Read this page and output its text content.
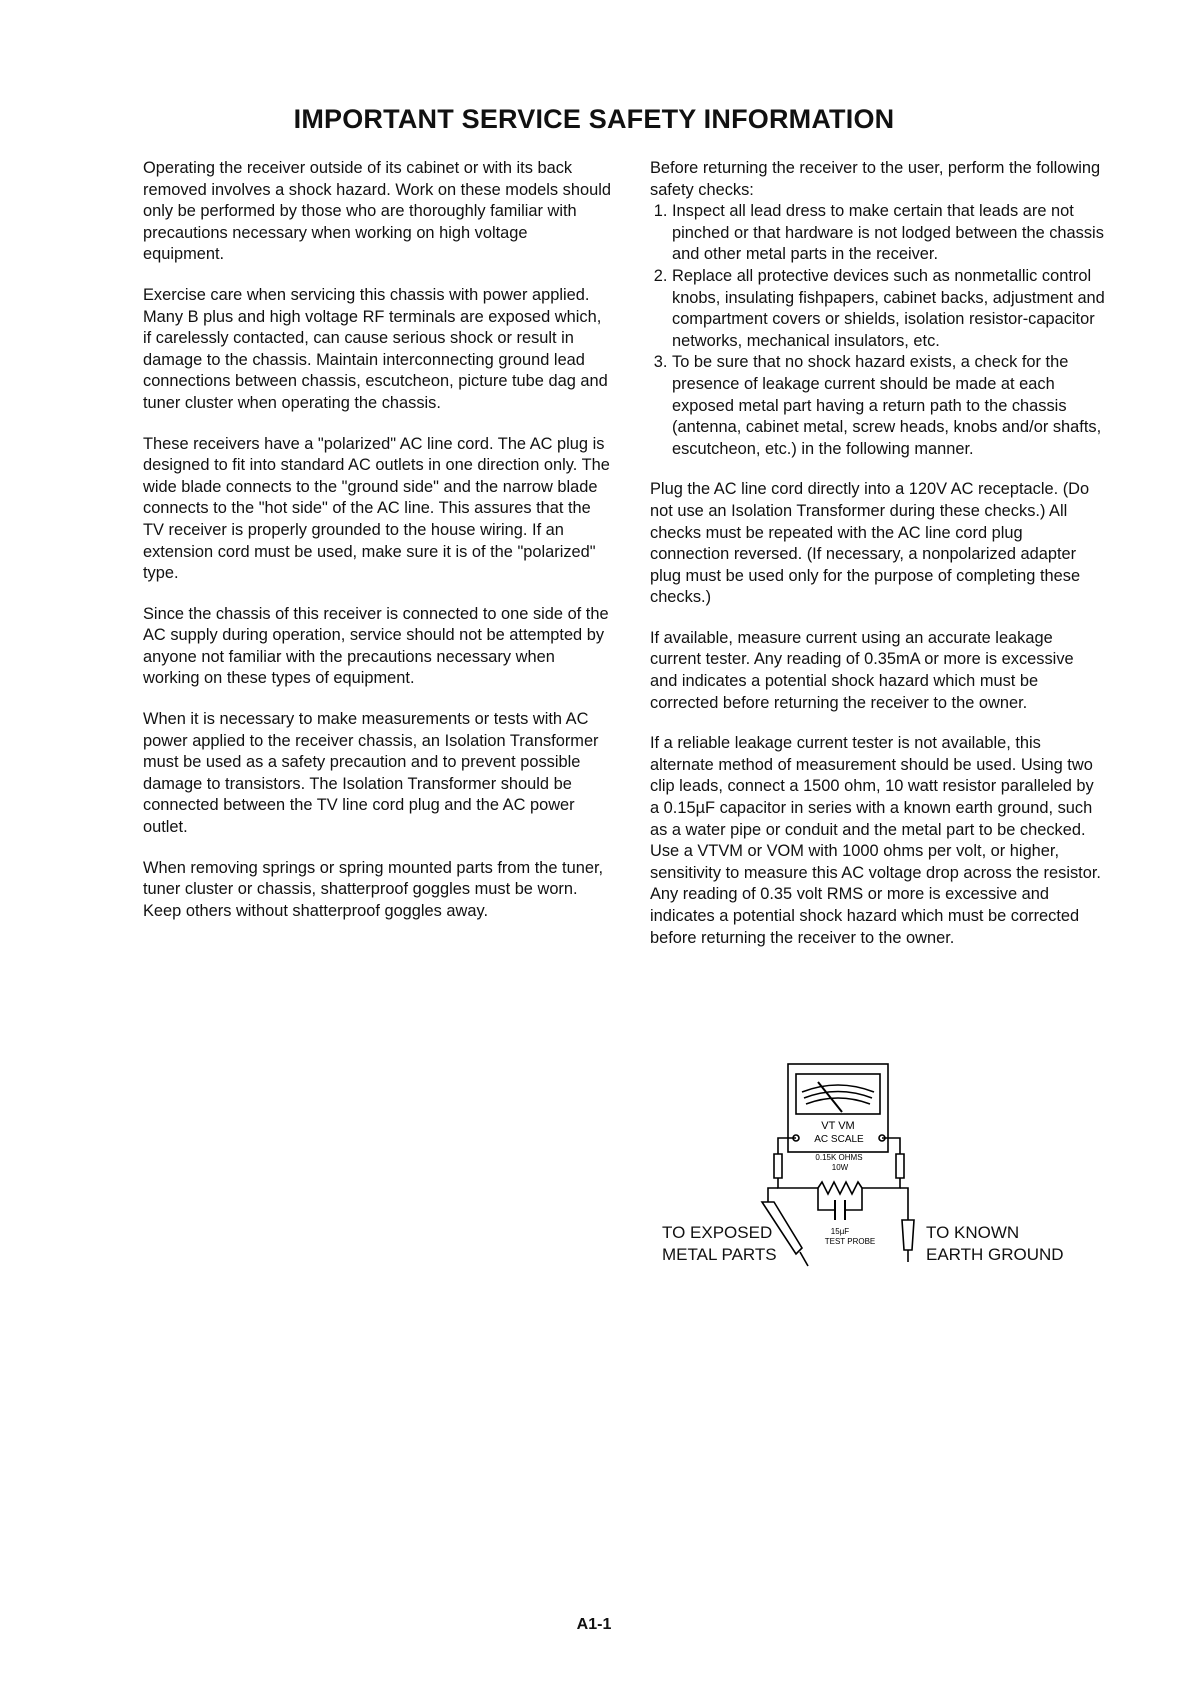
IMPORTANT SERVICE SAFETY INFORMATION

Operating the receiver outside of its cabinet or with its back removed involves a shock hazard. Work on these models should only be performed by those who are thoroughly familiar with precautions necessary when working on high voltage equipment.

Exercise care when servicing this chassis with power applied. Many B plus and high voltage RF terminals are exposed which, if carelessly contacted, can cause serious shock or result in damage to the chassis. Maintain interconnecting ground lead connections between chassis, escutcheon, picture tube dag and tuner cluster when operating the chassis.

These receivers have a "polarized" AC line cord. The AC plug is designed to fit into standard AC outlets in one direction only. The wide blade connects to the "ground side" and the narrow blade connects to the "hot side" of the AC line. This assures that the TV receiver is properly grounded to the house wiring. If an extension cord must be used, make sure it is of the "polarized" type.

Since the chassis of this receiver is connected to one side of the AC supply during operation, service should not be attempted by anyone not familiar with the precautions necessary when working on these types of equipment.

When it is necessary to make measurements or tests with AC power applied to the receiver chassis, an Isolation Transformer must be used as a safety precaution and to prevent possible damage to transistors. The Isolation Transformer should be connected between the TV line cord plug and the AC power outlet.

When removing springs or spring mounted parts from the tuner, tuner cluster or chassis, shatterproof goggles must be worn. Keep others without shatterproof goggles away.

Before returning the receiver to the user, perform the following safety checks:
1. Inspect all lead dress to make certain that leads are not pinched or that hardware is not lodged between the chassis and other metal parts in the receiver.
2. Replace all protective devices such as nonmetallic control knobs, insulating fishpapers, cabinet backs, adjustment and compartment covers or shields, isolation resistor-capacitor networks, mechanical insulators, etc.
3. To be sure that no shock hazard exists, a check for the presence of leakage current should be made at each exposed metal part having a return path to the chassis (antenna, cabinet metal, screw heads, knobs and/or shafts, escutcheon, etc.) in the following manner.

Plug the AC line cord directly into a 120V AC receptacle. (Do not use an Isolation Transformer during these checks.) All checks must be repeated with the AC line cord plug connection reversed. (If necessary, a nonpolarized adapter plug must be used only for the purpose of completing these checks.)

If available, measure current using an accurate leakage current tester. Any reading of 0.35mA or more is excessive and indicates a potential shock hazard which must be corrected before returning the receiver to the owner.

If a reliable leakage current tester is not available, this alternate method of measurement should be used. Using two clip leads, connect a 1500 ohm, 10 watt resistor paralleled by a 0.15µF capacitor in series with a known earth ground, such as a water pipe or conduit and the metal part to be checked. Use a VTVM or VOM with 1000 ohms per volt, or higher, sensitivity to measure this AC voltage drop across the resistor. Any reading of 0.35 volt RMS or more is excessive and indicates a potential shock hazard which must be corrected before returning the receiver to the owner.

VT VM
AC SCALE
0.15K OHMS
10W
15µF
TEST PROBE
TO EXPOSED
METAL PARTS
TO KNOWN
EARTH GROUND
A1-1
